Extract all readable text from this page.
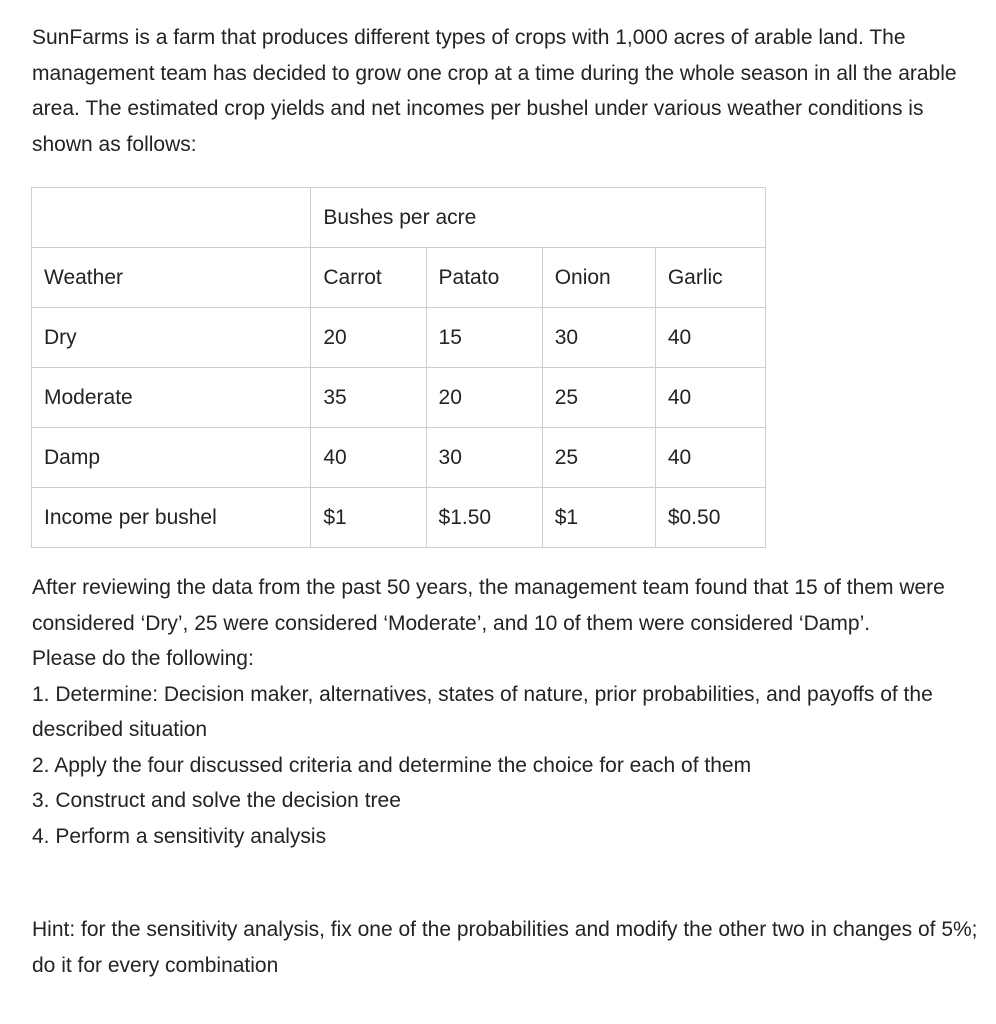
SunFarms is a farm that produces different types of crops with 1,000 acres of arable land. The management team has decided to grow one crop at a time during the whole season in all the arable area. The estimated crop yields and net incomes per bushel under various weather conditions is shown as follows:

	Bushes per acre			
Weather	Carrot	Patato	Onion	Garlic
Dry	20	15	30	40
Moderate	35	20	25	40
Damp	40	30	25	40
Income per bushel	$1	$1.50	$1	$0.50

After reviewing the data from the past 50 years, the management team found that 15 of them were considered ‘Dry’, 25 were considered ‘Moderate’, and 10 of them were considered ‘Damp’.

Please do the following:

1. Determine: Decision maker, alternatives, states of nature, prior probabilities, and payoffs of the described situation
2. Apply the four discussed criteria and determine the choice for each of them
3. Construct and solve the decision tree
4. Perform a sensitivity analysis

Hint: for the sensitivity analysis, fix one of the probabilities and modify the other two in changes of 5%; do it for every combination
